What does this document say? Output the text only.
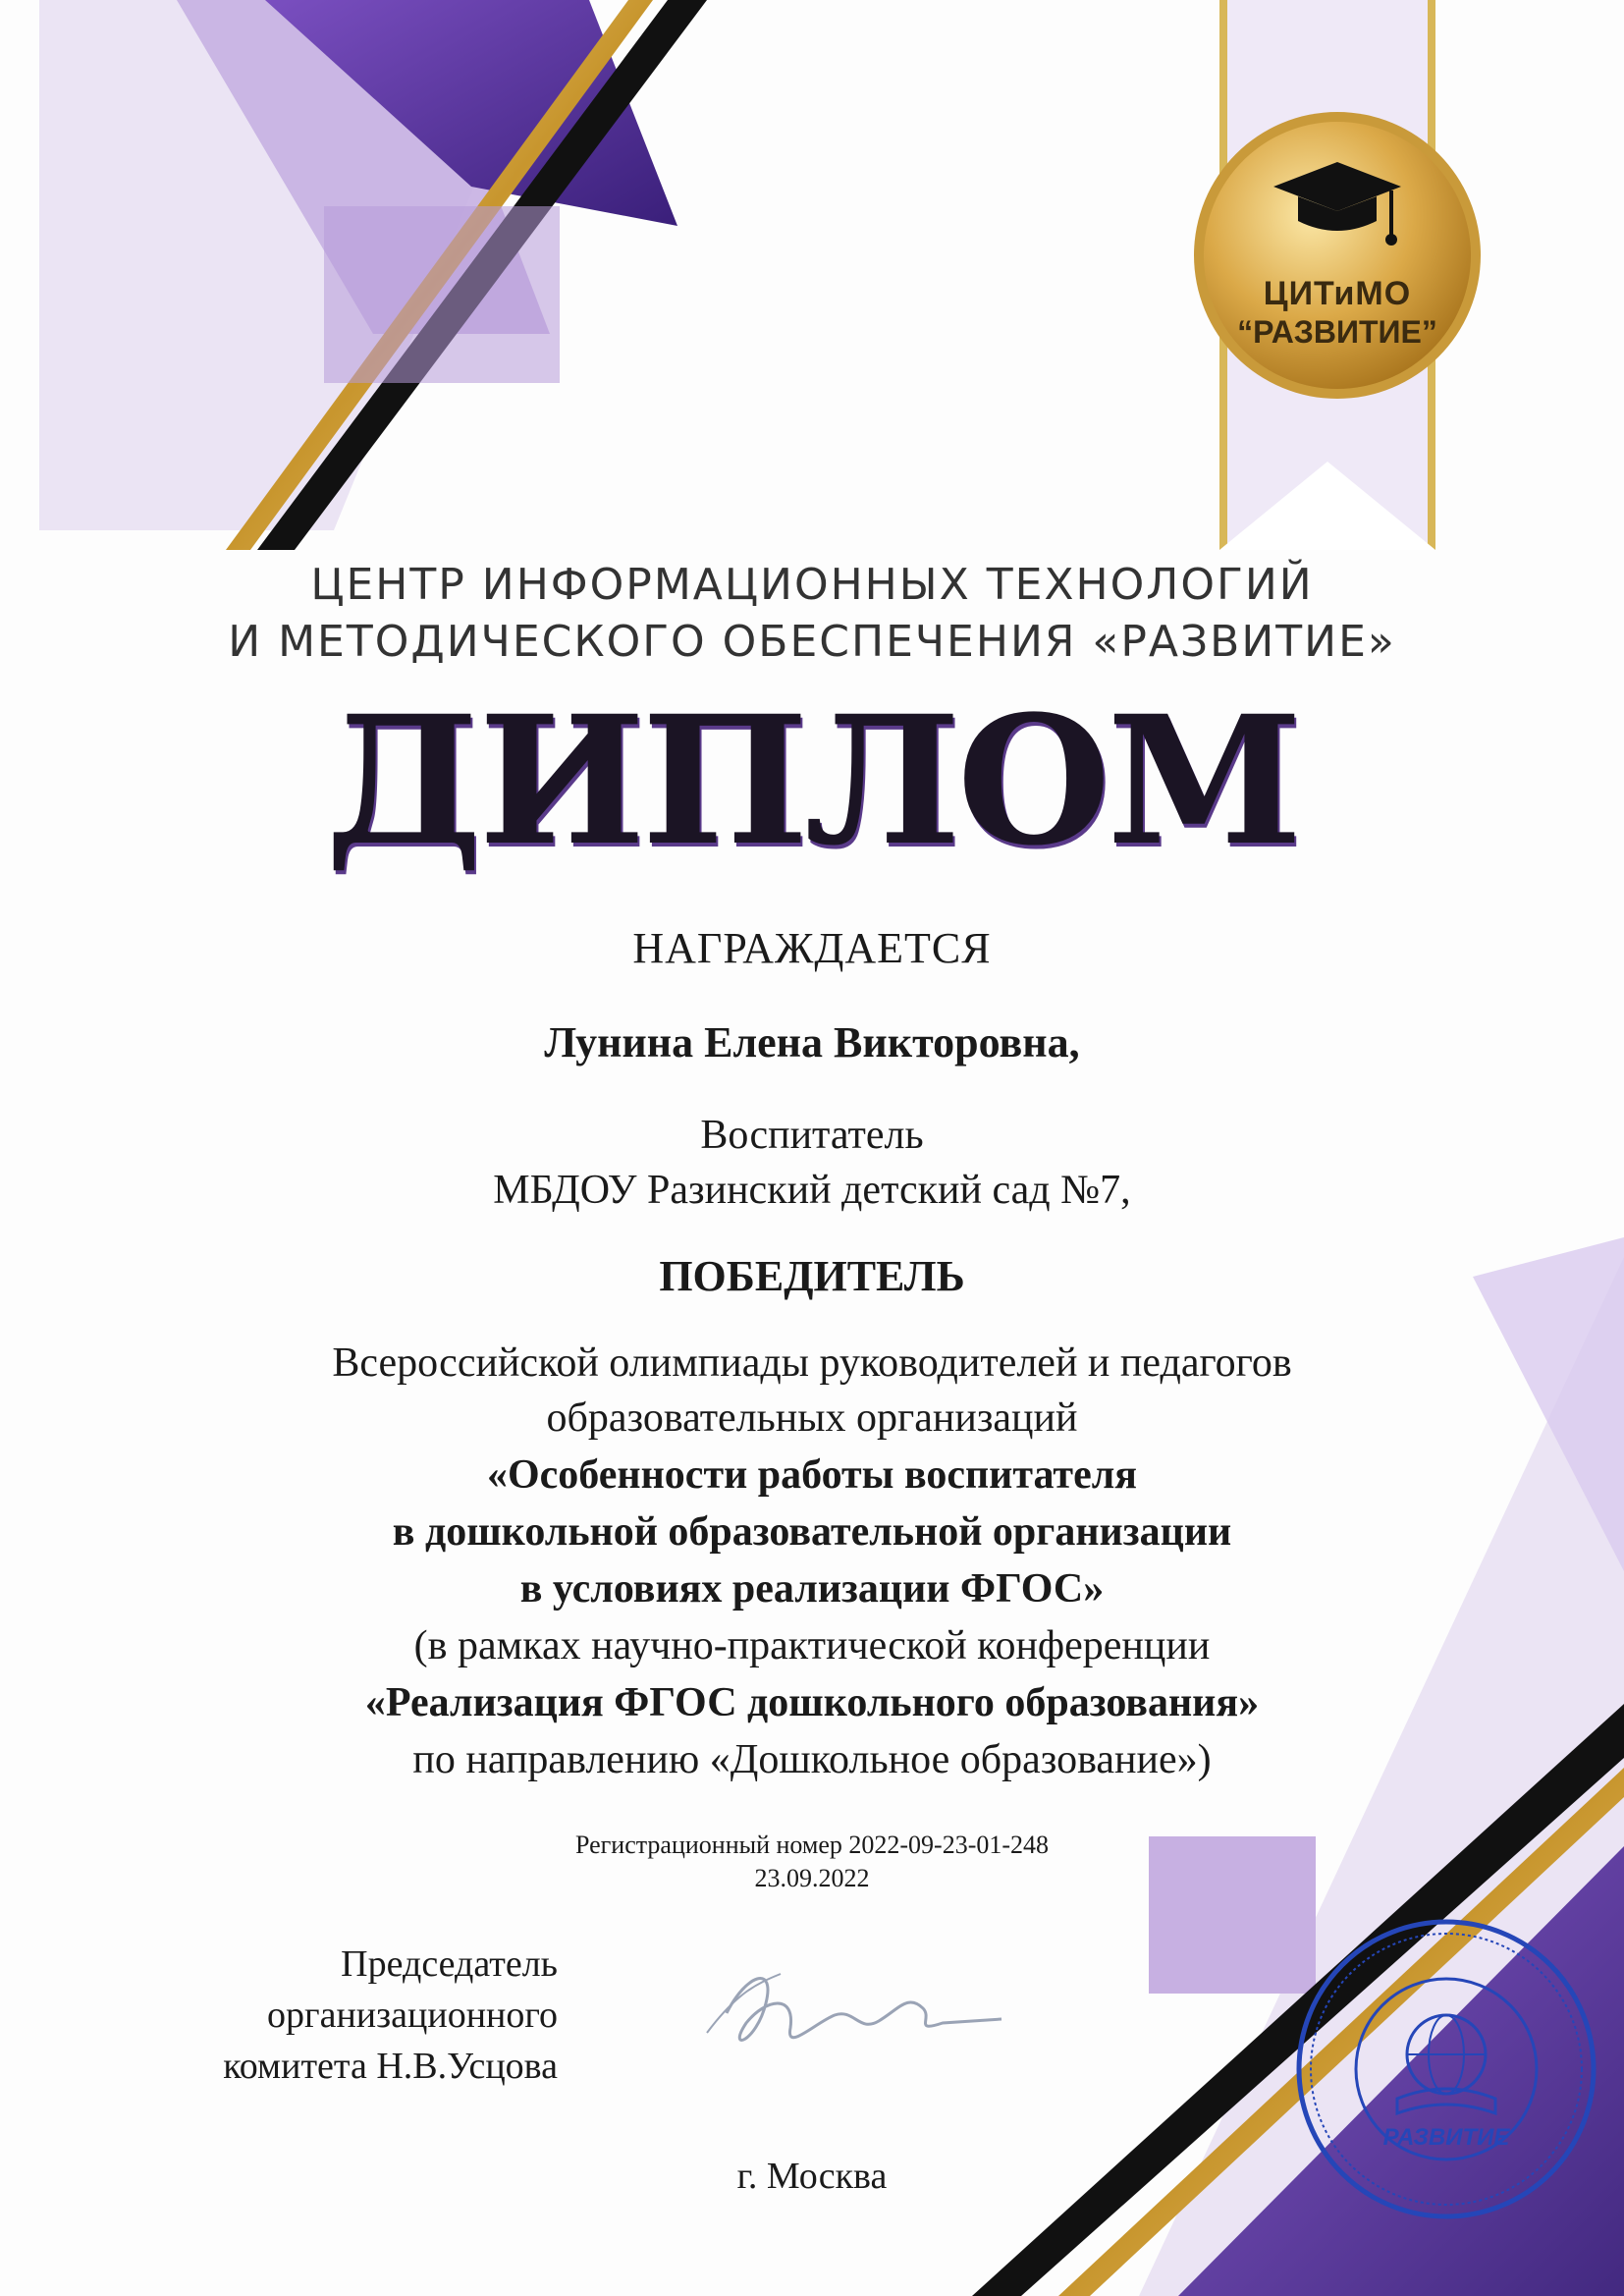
ЦИТиМО
“РАЗВИТИЕ”
ЦЕНТР ИНФОРМАЦИОННЫХ ТЕХНОЛОГИЙ
И МЕТОДИЧЕСКОГО ОБЕСПЕЧЕНИЯ «РАЗВИТИЕ»
ДИПЛОМ
НАГРАЖДАЕТСЯ
Лунина Елена Викторовна,
Воспитатель
МБДОУ Разинский детский сад №7,
ПОБЕДИТЕЛЬ
Всероссийской олимпиады руководителей и педагогов
образовательных организаций
«Особенности работы воспитателя
в дошкольной образовательной организации
в условиях реализации ФГОС»
(в рамках научно-практической конференции
«Реализация ФГОС дошкольного образования»
по направлению «Дошкольное образование»)
Регистрационный номер 2022-09-23-01-248
23.09.2022
Председатель
организационного
комитета Н.В.Усцова
г. Москва
РАЗВИТИЕ
